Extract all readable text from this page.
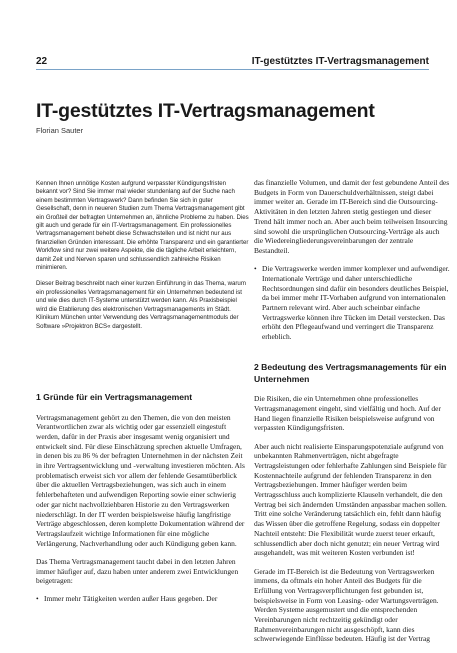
22	IT-gestütztes IT-Vertragsmanagement
IT-gestütztes IT-Vertragsmanagement
Florian Sauter

Kennen Ihnen unnötige Kosten aufgrund verpasster Kündigungsfristen bekannt vor? Sind Sie immer mal wieder stundenlang auf der Suche nach einem bestimmten Vertragswerk? Dann befinden Sie sich in guter Gesellschaft, denn in neueren Studien zum Thema Vertragsmanagement gibt ein Großteil der befragten Unternehmen an, ähnliche Probleme zu haben. Dies gilt auch und gerade für ein IT-Vertragsmanagement. Ein professionelles Vertragsmanagement behebt diese Schwachstellen und ist nicht nur aus finanziellen Gründen interessant. Die erhöhte Transparenz und ein garantierter Workflow sind nur zwei weitere Aspekte, die die tägliche Arbeit erleichtern, damit Zeit und Nerven sparen und schlussendlich zahlreiche Risiken minimieren.

Dieser Beitrag beschreibt nach einer kurzen Einführung in das Thema, warum ein professionelles Vertragsmanagement für ein Unternehmen bedeutend ist und wie dies durch IT-Systeme unterstützt werden kann. Als Praxisbeispiel wird die Etablierung des elektronischen Vertragsmanagements im Städt. Klinikum München unter Verwendung des Vertragsmanagementmoduls der Software »Projektron BCS« dargestellt.

1 Gründe für ein Vertragsmanagement

Vertragsmanagement gehört zu den Themen, die von den meisten Verantwortlichen zwar als wichtig oder gar essenziell eingestuft werden, dafür in der Praxis aber insgesamt wenig organisiert und entwickelt sind. Für diese Einschätzung sprechen aktuelle Umfragen, in denen bis zu 86 % der befragten Unternehmen in der nächsten Zeit in ihre Vertragsentwicklung und -verwaltung investieren möchten. Als problematisch erweist sich vor allem der fehlende Gesamtüberblick über die aktuellen Vertragsbeziehungen, was sich auch in einem fehlerbehafteten und aufwendigen Reporting sowie einer schwierig oder gar nicht nachvollziehbaren Historie zu den Vertragswerken niederschlägt. In der IT werden beispielsweise häufig langfristige Verträge abgeschlossen, deren komplette Dokumentation während der Vertragslaufzeit wichtige Informationen für eine mögliche Verlängerung, Nachverhandlung oder auch Kündigung geben kann.

Das Thema Vertragsmanagement taucht dabei in den letzten Jahren immer häufiger auf, dazu haben unter anderem zwei Entwicklungen beigetragen:

• Immer mehr Tätigkeiten werden außer Haus gegeben. Der

das finanzielle Volumen, und damit der fest gebundene Anteil des Budgets in Form von Dauerschuldverhältnissen, steigt dabei immer weiter an. Gerade im IT-Bereich sind die Outsourcing-Aktivitäten in den letzten Jahren stetig gestiegen und dieser Trend hält immer noch an. Aber auch beim teilweisen Insourcing sind sowohl die ursprünglichen Outsourcing-Verträge als auch die Wiedereingliederungsvereinbarungen der zentrale Bestandteil.

• Die Vertragswerke werden immer komplexer und aufwendiger. Internationale Verträge und daher unterschiedliche Rechtsordnungen sind dafür ein besonders deutliches Beispiel, da bei immer mehr IT-Vorhaben aufgrund von internationalen Partnern relevant wird. Aber auch scheinbar einfache Vertragswerke können ihre Tücken im Detail verstecken. Das erhöht den Pflegeaufwand und verringert die Transparenz erheblich.
2 Bedeutung des Vertragsmanagements für ein Unternehmen

Die Risiken, die ein Unternehmen ohne professionelles Vertragsmanagement eingeht, sind vielfältig und hoch. Auf der Hand liegen finanzielle Risiken beispielsweise aufgrund von verpassten Kündigungsfristen.

Aber auch nicht realisierte Einsparungspotenziale aufgrund von unbekannten Rahmenverträgen, nicht abgefragte Vertragsleistungen oder fehlerhafte Zahlungen sind Beispiele für Kostennachteile aufgrund der fehlenden Transparenz in den Vertragsbeziehungen. Immer häufiger werden beim Vertragsschluss auch komplizierte Klauseln verhandelt, die den Vertrag bei sich ändernden Umständen anpassbar machen sollen. Tritt eine solche Veränderung tatsächlich ein, fehlt dann häufig das Wissen über die getroffene Regelung, sodass ein doppelter Nachteil entsteht: Die Flexibilität wurde zuerst teuer erkauft, schlussendlich aber doch nicht genutzt; ein neuer Vertrag wird ausgehandelt, was mit weiteren Kosten verbunden ist!

Gerade im IT-Bereich ist die Bedeutung von Vertragswerken immens, da oftmals ein hoher Anteil des Budgets für die Erfüllung von Vertragsverpflichtungen fest gebunden ist, beispielsweise in Form von Leasing- oder Wartungsverträgen. Werden Systeme ausgemustert und die entsprechenden Vereinbarungen nicht rechtzeitig gekündigt oder Rahmenvereinbarungen nicht ausgeschöpft, kann dies schwerwiegende Einflüsse bedeuten. Häufig ist der Vertrag
